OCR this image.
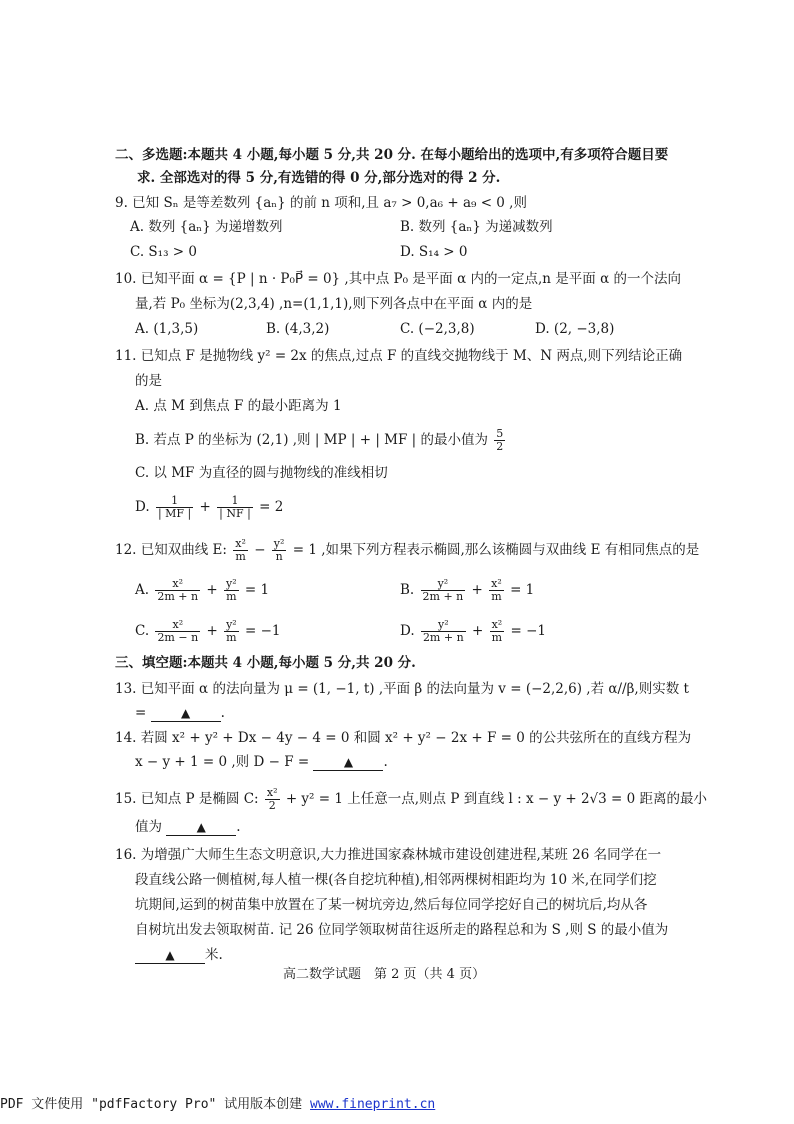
二、多选题:本题共 4 小题,每小题 5 分,共 20 分. 在每小题给出的选项中,有多项符合题目要
求. 全部选对的得 5 分,有选错的得 0 分,部分选对的得 2 分.
9. 已知 Sₙ 是等差数列 {aₙ} 的前 n 项和,且 a₇ > 0,a₆ + a₉ < 0 ,则
A. 数列 {aₙ} 为递增数列	B. 数列 {aₙ} 为递减数列
C. S₁₃ > 0	D. S₁₄ > 0
10. 已知平面 α = {P | n · P₀P⃗ = 0} ,其中点 P₀ 是平面 α 内的一定点,n 是平面 α 的一个法向
量,若 P₀ 坐标为(2,3,4) ,n=(1,1,1),则下列各点中在平面 α 内的是
A. (1,3,5)	B. (4,3,2)	C. (−2,3,8)	D. (2, −3,8)
11. 已知点 F 是抛物线 y² = 2x 的焦点,过点 F 的直线交抛物线于 M、N 两点,则下列结论正确
的是
A. 点 M 到焦点 F 的最小距离为 1
B. 若点 P 的坐标为 (2,1) ,则 | MP | + | MF | 的最小值为 $\frac{5}{2}$
C. 以 MF 为直径的圆与抛物线的准线相切
D. $\frac{1}{| MF |} + \frac{1}{| NF |} = 2$
12. 已知双曲线 E: $\frac{\text{x²}}{m} - \frac{\text{y²}}{n} = 1$ ,如果下列方程表示椭圆,那么该椭圆与双曲线 E 有相同焦点的是
A. $\frac{\text{x²}}{2m + n} + \frac{\text{y²}}{m} = 1$	B. $\frac{\text{y²}}{2m + n} + \frac{\text{x²}}{m} = 1$
C. $\frac{\text{x²}}{2m - n} + \frac{\text{y²}}{m} = -1$	D. $\frac{\text{y²}}{2m + n} + \frac{\text{x²}}{m} = -1$
三、填空题:本题共 4 小题,每小题 5 分,共 20 分.
13. 已知平面 α 的法向量为 μ = (1, −1, t) ,平面 β 的法向量为 v = (−2,2,6) ,若 α//β,则实数 t
=	▲ .
14. 若圆 x² + y² + Dx − 4y − 4 = 0 和圆 x² + y² − 2x + F = 0 的公共弦所在的直线方程为
x − y + 1 = 0 ,则 D − F =	▲ .
15. 已知点 P 是椭圆 C: $\frac{\text{x²}}{2} + y^2 = 1$ 上任意一点,则点 P 到直线 l : x − y + 2√3 = 0 距离的最小
值为	▲ .
16. 为增强广大师生生态文明意识,大力推进国家森林城市建设创建进程,某班 26 名同学在一
段直线公路一侧植树,每人植一棵(各自挖坑种植),相邻两棵树相距均为 10 米,在同学们挖
坑期间,运到的树苗集中放置在了某一树坑旁边,然后每位同学挖好自己的树坑后,均从各
自树坑出发去领取树苗. 记 26 位同学领取树苗往返所走的路程总和为 S ,则 S 的最小值为
▲ 米.
高二数学试题　第 2 页（共 4 页）
PDF 文件使用 "pdfFactory Pro" 试用版本创建 www.fineprint.cn
